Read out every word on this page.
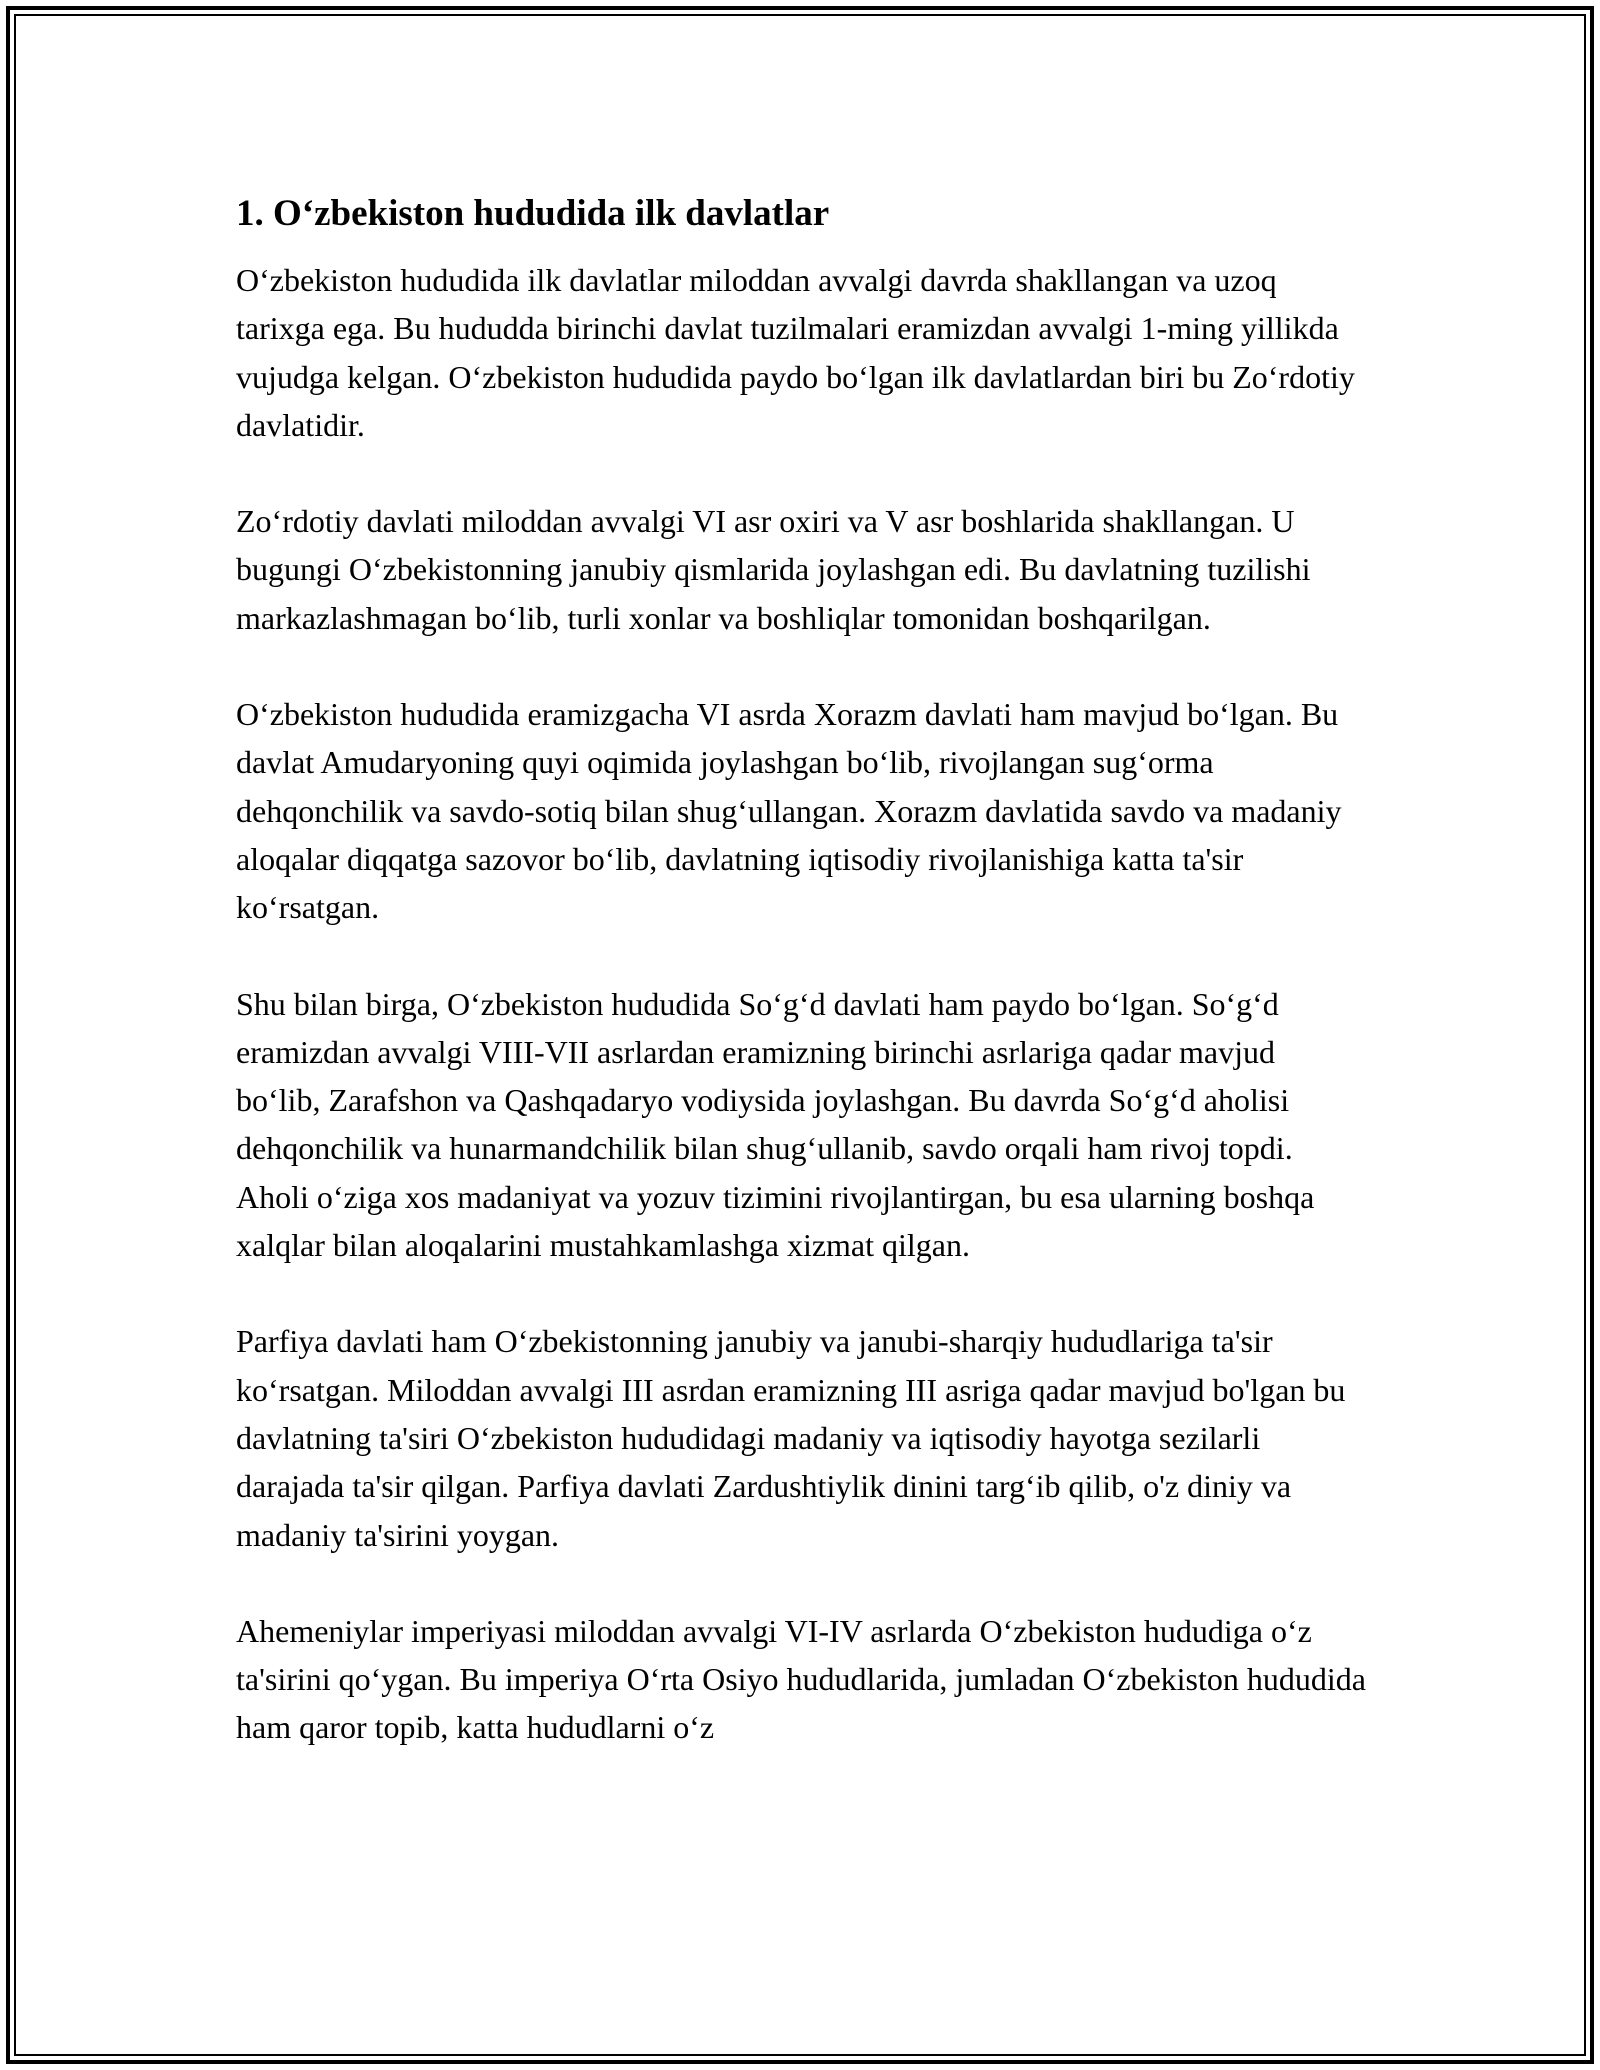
1. O‘zbekiston hududida ilk davlatlar

O‘zbekiston hududida ilk davlatlar miloddan avvalgi davrda shakllangan va uzoq tarixga ega. Bu hududda birinchi davlat tuzilmalari eramizdan avvalgi 1-ming yillikda vujudga kelgan. O‘zbekiston hududida paydo bo‘lgan ilk davlatlardan biri bu Zo‘rdotiy davlatidir.

Zo‘rdotiy davlati miloddan avvalgi VI asr oxiri va V asr boshlarida shakllangan. U bugungi O‘zbekistonning janubiy qismlarida joylashgan edi. Bu davlatning tuzilishi markazlashmagan bo‘lib, turli xonlar va boshliqlar tomonidan boshqarilgan.

O‘zbekiston hududida eramizgacha VI asrda Xorazm davlati ham mavjud bo‘lgan. Bu davlat Amudaryoning quyi oqimida joylashgan bo‘lib, rivojlangan sug‘orma dehqonchilik va savdo-sotiq bilan shug‘ullangan. Xorazm davlatida savdo va madaniy aloqalar diqqatga sazovor bo‘lib, davlatning iqtisodiy rivojlanishiga katta ta'sir ko‘rsatgan.

Shu bilan birga, O‘zbekiston hududida So‘g‘d davlati ham paydo bo‘lgan. So‘g‘d eramizdan avvalgi VIII-VII asrlardan eramizning birinchi asrlariga qadar mavjud bo‘lib, Zarafshon va Qashqadaryo vodiysida joylashgan. Bu davrda So‘g‘d aholisi dehqonchilik va hunarmandchilik bilan shug‘ullanib, savdo orqali ham rivoj topdi. Aholi o‘ziga xos madaniyat va yozuv tizimini rivojlantirgan, bu esa ularning boshqa xalqlar bilan aloqalarini mustahkamlashga xizmat qilgan.

Parfiya davlati ham O‘zbekistonning janubiy va janubi-sharqiy hududlariga ta'sir ko‘rsatgan. Miloddan avvalgi III asrdan eramizning III asriga qadar mavjud bo'lgan bu davlatning ta'siri O‘zbekiston hududidagi madaniy va iqtisodiy hayotga sezilarli darajada ta'sir qilgan. Parfiya davlati Zardushtiylik dinini targ‘ib qilib, o'z diniy va madaniy ta'sirini yoygan.

Ahemeniylar imperiyasi miloddan avvalgi VI-IV asrlarda O‘zbekiston hududiga o‘z ta'sirini qo‘ygan. Bu imperiya O‘rta Osiyo hududlarida, jumladan O‘zbekiston hududida ham qaror topib, katta hududlarni o‘z
